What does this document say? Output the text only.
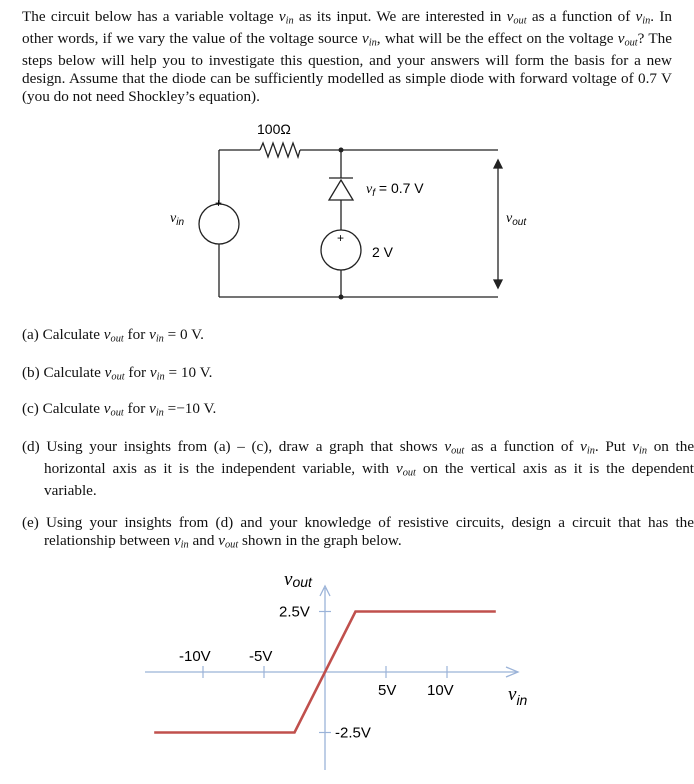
The circuit below has a variable voltage $v_{in}$ as its input. We are interested in $v_{out}$ as a function of $v_{in}$. In other words, if we vary the value of the voltage source $v_{in}$, what will be the effect on the voltage $v_{out}$? The steps below will help you to investigate this question, and your answers will form the basis for a new design. Assume that the diode can be sufficiently modelled as simple diode with forward voltage of 0.7 V (you do not need Shockley’s equation).
100Ω
+
+
$v_f = 0.7$ V
2 V
$v_{in}$	$v_{out}$
(a) Calculate $v_{out}$ for $v_{in} = 0$ V.
(b) Calculate $v_{out}$ for $v_{in} = 10$ V.
(c) Calculate $v_{out}$ for $v_{in} =-10$ V.
(d) Using your insights from (a) – (c), draw a graph that shows $v_{out}$ as a function of $v_{in}$. Put $v_{in}$ on the horizontal axis as it is the independent variable, with $v_{out}$ on the vertical axis as it is the dependent variable.
(e) Using your insights from (d) and your knowledge of resistive circuits, design a circuit that has the relationship between $v_{in}$ and $v_{out}$ shown in the graph below.
-10V	-5V
5V 10V
2.5V
-2.5V
vout
$v_{in}$
